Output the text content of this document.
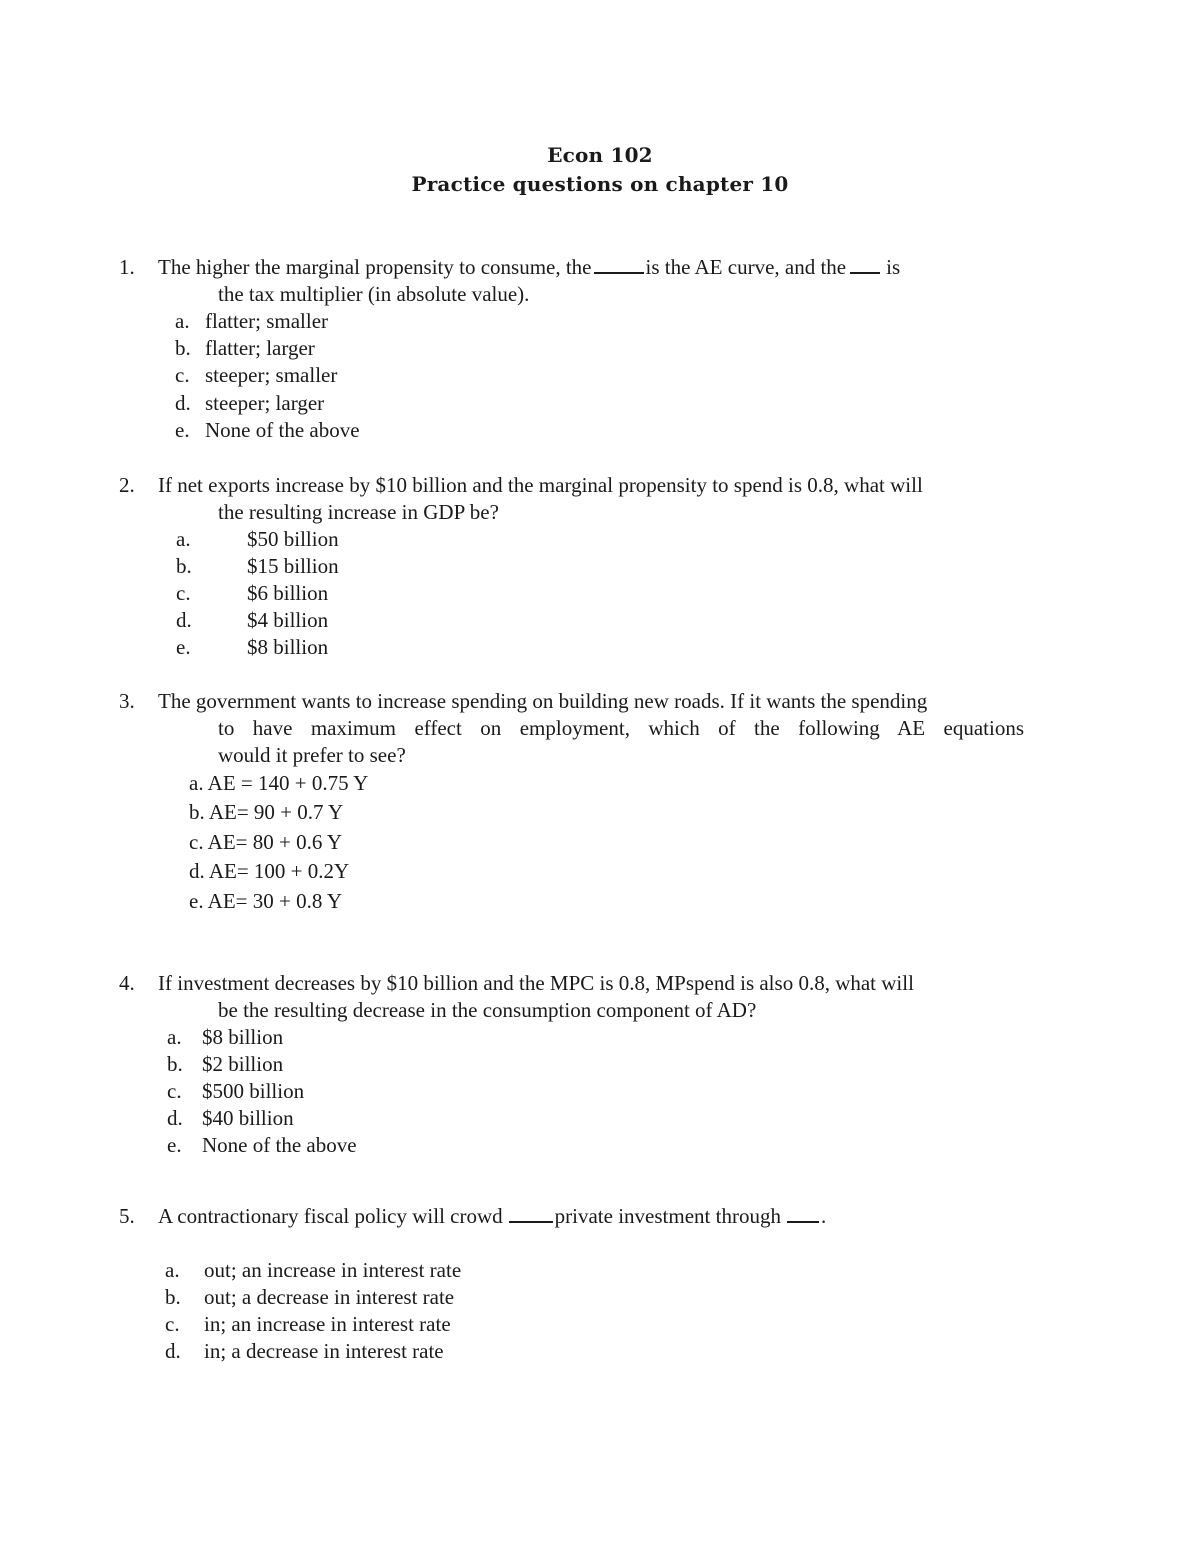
Econ 102
Practice questions on chapter 10
1. The higher the marginal propensity to consume, the	is the AE curve, and the is
the tax multiplier (in absolute value).
a. flatter; smaller
b. flatter; larger
c. steeper; smaller
d. steeper; larger
e. None of the above
2. If net exports increase by $10 billion and the marginal propensity to spend is 0.8, what will
the resulting increase in GDP be?
a.	$50 billion
b.	$15 billion
c.	$6 billion
d.	$4 billion
e.	$8 billion
3. The government wants to increase spending on building new roads. If it wants the spending
to have maximum effect on employment, which of the following AE equations
would it prefer to see?
a. AE = 140 + 0.75 Y
b. AE= 90 + 0.7 Y
c. AE= 80 + 0.6 Y
d. AE= 100 + 0.2Y
e. AE= 30 + 0.8 Y
4. If investment decreases by $10 billion and the MPC is 0.8, MPspend is also 0.8, what will
be the resulting decrease in the consumption component of AD?
a. $8 billion
b. $2 billion
c. $500 billion
d. $40 billion
e. None of the above
5. A contractionary fiscal policy will crowd private investment through .
a. out; an increase in interest rate
b. out; a decrease in interest rate
c. in; an increase in interest rate
d. in; a decrease in interest rate
